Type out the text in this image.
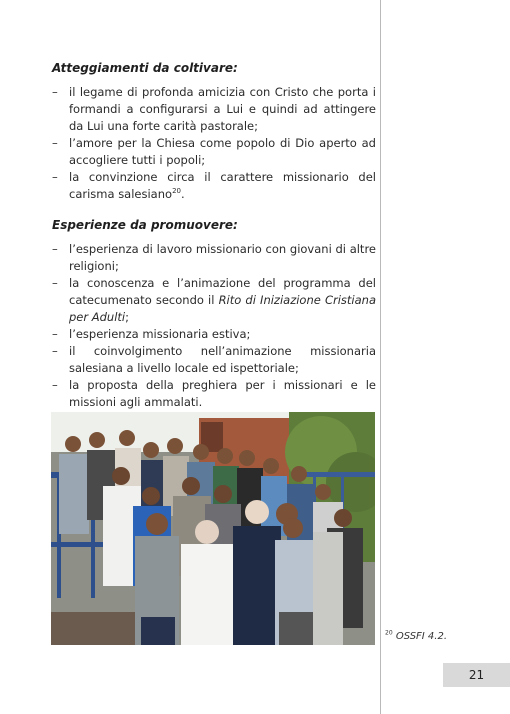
Atteggiamenti da coltivare:
– il legame di profonda amicizia con Cristo che porta i formandi a configurarsi a Lui e quindi ad attingere da Lui una forte carità pastorale;
– l’amore per la Chiesa come popolo di Dio aperto ad accogliere tutti i popoli;
– la convinzione circa il carattere missionario del carisma salesiano$^{20}$.
Esperienze da promuovere:
– l’esperienza di lavoro missionario con giovani di altre religioni;
– la conoscenza e l’animazione del programma del catecumenato secondo il Rito di Iniziazione Cristiana per Adulti;
– l’esperienza missionaria estiva;
– il coinvolgimento nell’animazione missionaria salesiana a livello locale ed ispettoriale;
– la proposta della preghiera per i missionari e le missioni agli ammalati.
$^{20}$ OSSFI 4.2.
21
